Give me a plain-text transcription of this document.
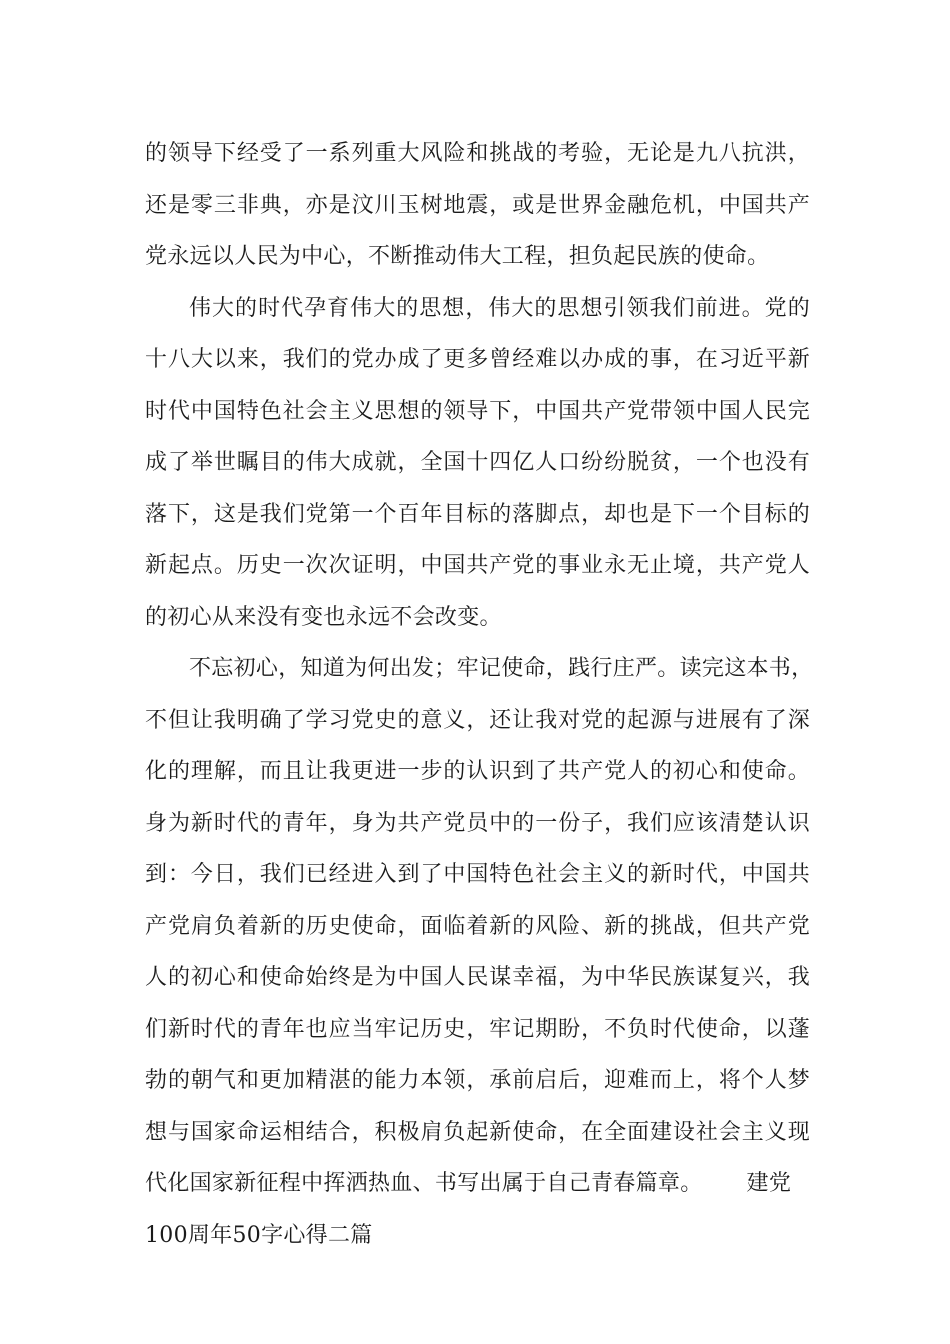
的领导下经受了一系列重大风险和挑战的考验，无论是九八抗洪，
还是零三非典，亦是汶川玉树地震，或是世界金融危机，中国共产
党永远以人民为中心，不断推动伟大工程，担负起民族的使命。
伟大的时代孕育伟大的思想，伟大的思想引领我们前进。党的
十八大以来，我们的党办成了更多曾经难以办成的事，在习近平新
时代中国特色社会主义思想的领导下，中国共产党带领中国人民完
成了举世瞩目的伟大成就，全国十四亿人口纷纷脱贫，一个也没有
落下，这是我们党第一个百年目标的落脚点，却也是下一个目标的
新起点。历史一次次证明，中国共产党的事业永无止境，共产党人
的初心从来没有变也永远不会改变。
不忘初心，知道为何出发；牢记使命，践行庄严。读完这本书，
不但让我明确了学习党史的意义，还让我对党的起源与进展有了深
化的理解，而且让我更进一步的认识到了共产党人的初心和使命。
身为新时代的青年，身为共产党员中的一份子，我们应该清楚认识
到：今日，我们已经进入到了中国特色社会主义的新时代，中国共
产党肩负着新的历史使命，面临着新的风险、新的挑战，但共产党
人的初心和使命始终是为中国人民谋幸福，为中华民族谋复兴，我
们新时代的青年也应当牢记历史，牢记期盼，不负时代使命，以蓬
勃的朝气和更加精湛的能力本领，承前启后，迎难而上，将个人梦
想与国家命运相结合，积极肩负起新使命，在全面建设社会主义现
代化国家新征程中挥洒热血、书写出属于自己青春篇章。 建党
100周年50字心得二篇
